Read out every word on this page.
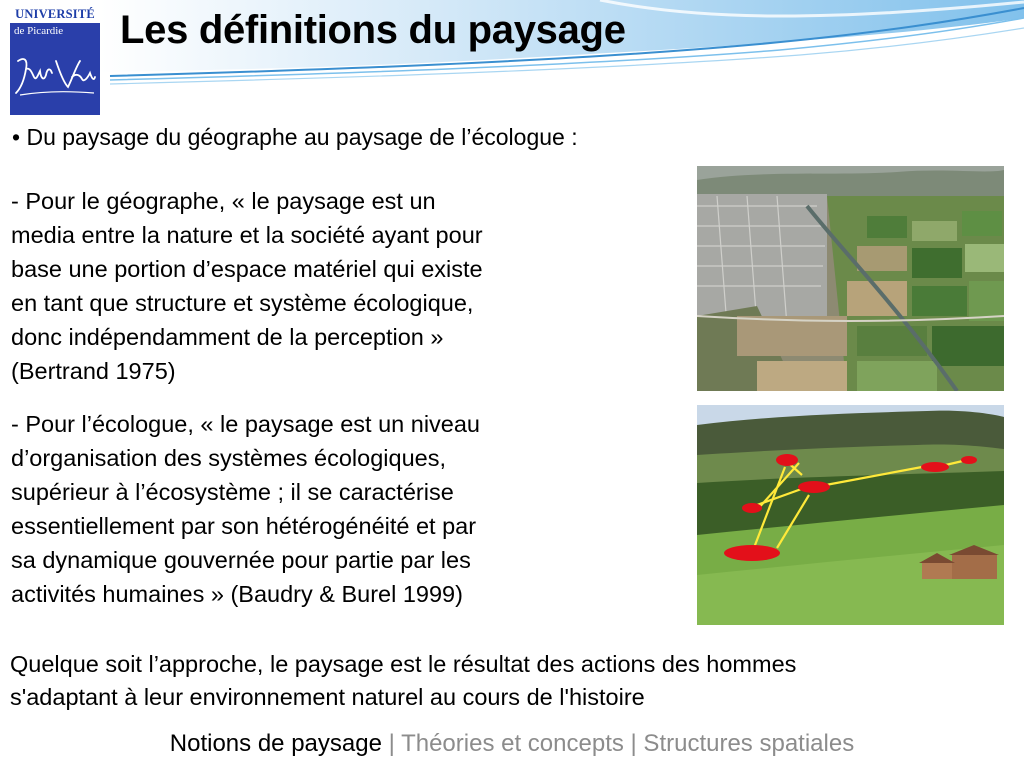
UNIVERSITÉ
de Picardie Les définitions du paysage
• Du paysage du géographe au paysage de l’écologue :

- Pour le géographe, « le paysage est un
media entre la nature et la société ayant pour
base une portion d’espace matériel qui existe
en tant que structure et système écologique,
donc indépendamment de la perception »
(Bertrand 1975)

- Pour l’écologue, « le paysage est un niveau
d’organisation des systèmes écologiques,
supérieur à l’écosystème ; il se caractérise
essentiellement par son hétérogénéité et par
sa dynamique gouvernée pour partie par les
activités humaines » (Baudry & Burel 1999)

Quelque soit l’approche, le paysage est le résultat des actions des hommes
s'adaptant à leur environnement naturel au cours de l'histoire

Notions de paysage | Théories et concepts | Structures spatiales
